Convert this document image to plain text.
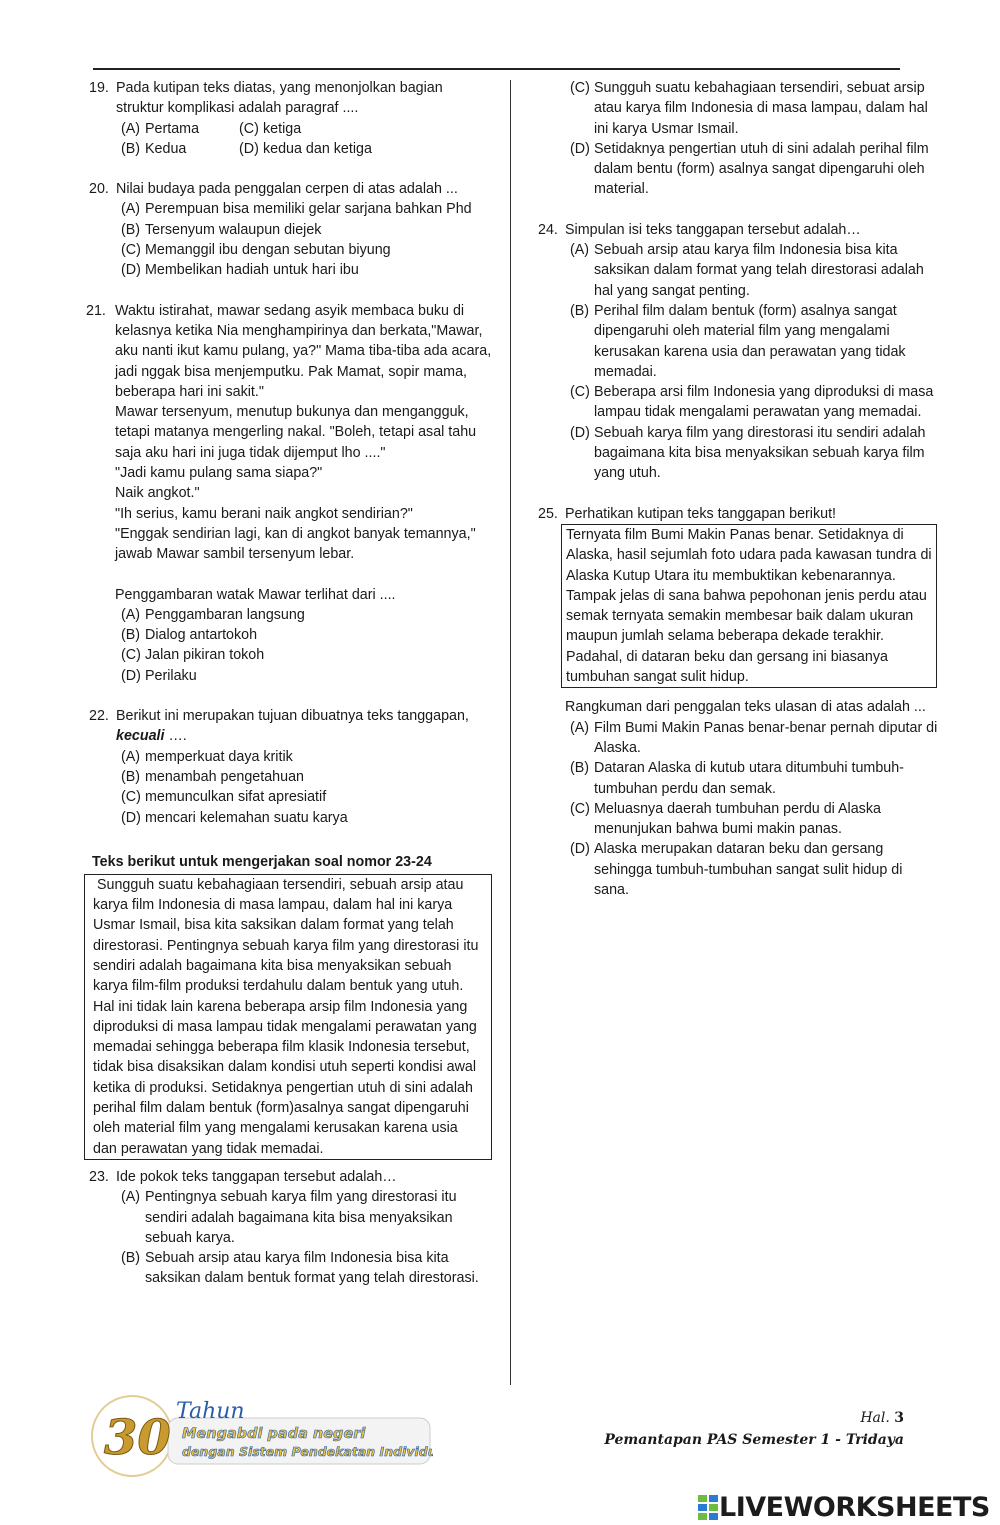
19. Pada kutipan teks diatas, yang menonjolkan bagian struktur komplikasi adalah paragraf ....
(A) Pertama	(C) ketiga
(B) Kedua	(D) kedua dan ketiga
20. Nilai budaya pada penggalan cerpen di atas adalah ...
(A) Perempuan bisa memiliki gelar sarjana bahkan Phd
(B) Tersenyum walaupun diejek
(C) Memanggil ibu dengan sebutan biyung
(D) Membelikan hadiah untuk hari ibu
21. Waktu istirahat, mawar sedang asyik membaca buku di kelasnya ketika Nia menghampirinya dan berkata,"Mawar, aku nanti ikut kamu pulang, ya?" Mama tiba-tiba ada acara, jadi nggak bisa menjemputku. Pak Mamat, sopir mama, beberapa hari ini sakit."
Mawar tersenyum, menutup bukunya dan mengangguk, tetapi matanya mengerling nakal. "Boleh, tetapi asal tahu saja aku hari ini juga tidak dijemput lho ...."
"Jadi kamu pulang sama siapa?"
Naik angkot."
"Ih serius, kamu berani naik angkot sendirian?"
"Enggak sendirian lagi, kan di angkot banyak temannya," jawab Mawar sambil tersenyum lebar.
Penggambaran watak Mawar terlihat dari ....
(A) Penggambaran langsung
(B) Dialog antartokoh
(C) Jalan pikiran tokoh
(D) Perilaku
22. Berikut ini merupakan tujuan dibuatnya teks tanggapan, kecuali ….
(A) memperkuat daya kritik
(B) menambah pengetahuan
(C) memunculkan sifat apresiatif
(D) mencari kelemahan suatu karya
Teks berikut untuk mengerjakan soal nomor 23-24
Sungguh suatu kebahagiaan tersendiri, sebuah arsip atau karya film Indonesia di masa lampau, dalam hal ini karya Usmar Ismail, bisa kita saksikan dalam format yang telah direstorasi. Pentingnya sebuah karya film yang direstorasi itu sendiri adalah bagaimana kita bisa menyaksikan sebuah karya film-film produksi terdahulu dalam bentuk yang utuh. Hal ini tidak lain karena beberapa arsip film Indonesia yang diproduksi di masa lampau tidak mengalami perawatan yang memadai sehingga beberapa film klasik Indonesia tersebut, tidak bisa disaksikan dalam kondisi utuh seperti kondisi awal ketika di produksi. Setidaknya pengertian utuh di sini adalah perihal film dalam bentuk (form)asalnya sangat dipengaruhi oleh material film yang mengalami kerusakan karena usia dan perawatan yang tidak memadai.
23. Ide pokok teks tanggapan tersebut adalah…
(A) Pentingnya sebuah karya film yang direstorasi itu sendiri adalah bagaimana kita bisa menyaksikan sebuah karya.
(B) Sebuah arsip atau karya film Indonesia bisa kita saksikan dalam bentuk format yang telah direstorasi.
(C) Sungguh suatu kebahagiaan tersendiri, sebuat arsip atau karya film Indonesia di masa lampau, dalam hal ini karya Usmar Ismail.
(D) Setidaknya pengertian utuh di sini adalah perihal film dalam bentu (form) asalnya sangat dipengaruhi oleh material.
24. Simpulan isi teks tanggapan tersebut adalah…
(A) Sebuah arsip atau karya film Indonesia bisa kita saksikan dalam format yang telah direstorasi adalah hal yang sangat penting.
(B) Perihal film dalam bentuk (form) asalnya sangat dipengaruhi oleh material film yang mengalami kerusakan karena usia dan perawatan yang tidak memadai.
(C) Beberapa arsi film Indonesia yang diproduksi di masa lampau tidak mengalami perawatan yang memadai.
(D) Sebuah karya film yang direstorasi itu sendiri adalah bagaimana kita bisa menyaksikan sebuah karya film yang utuh.
25. Perhatikan kutipan teks tanggapan berikut!
Ternyata film Bumi Makin Panas benar. Setidaknya di Alaska, hasil sejumlah foto udara pada kawasan tundra di Alaska Kutup Utara itu membuktikan kebenarannya. Tampak jelas di sana bahwa pepohonan jenis perdu atau semak ternyata semakin membesar baik dalam ukuran maupun jumlah selama beberapa dekade terakhir. Padahal, di dataran beku dan gersang ini biasanya tumbuhan sangat sulit hidup.
Rangkuman dari penggalan teks ulasan di atas adalah ...
(A) Film Bumi Makin Panas benar-benar pernah diputar di Alaska.
(B) Dataran Alaska di kutub utara ditumbuhi tumbuh-tumbuhan perdu dan semak.
(C) Meluasnya daerah tumbuhan perdu di Alaska menunjukan bahwa bumi makin panas.
(D) Alaska merupakan dataran beku dan gersang sehingga tumbuh-tumbuhan sangat sulit hidup di sana.
30 Tahun
Mengabdi pada negeri
dengan Sistem Pendekatan Individu
Hal. 3
Pemantapan PAS Semester 1 - Tridaya
LIVEWORKSHEETS
